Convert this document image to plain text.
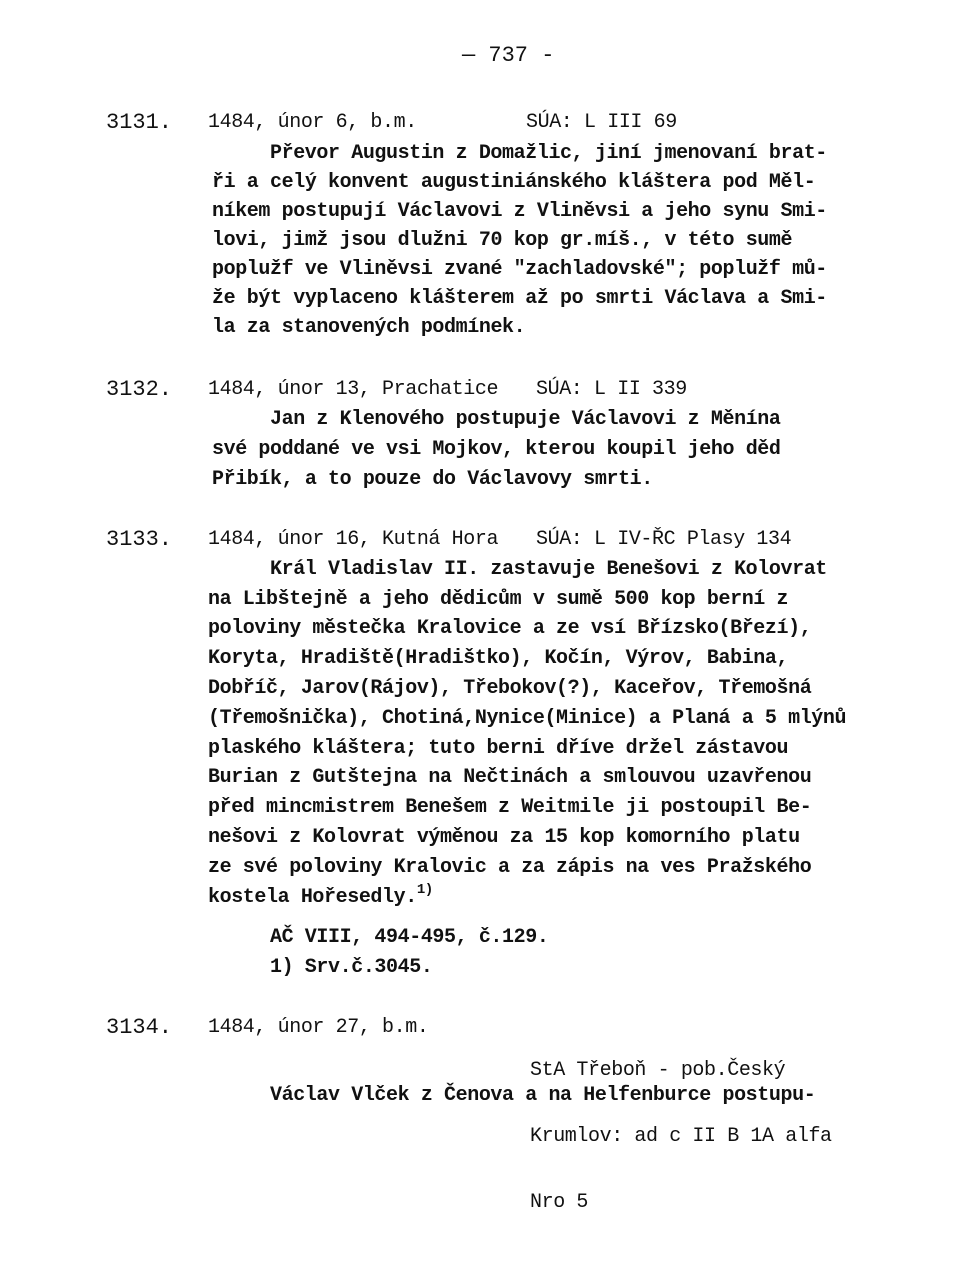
— 737 -
3131. 1484, únor 6, b.m.	SÚA: L III 69
Převor Augustin z Domažlic, jiní jmenovaní brat-
ři a celý konvent augustiniánského kláštera pod Měl-
níkem postupují Václavovi z Vliněvsi a jeho synu Smi-
lovi, jimž jsou dlužni 70 kop gr.míš., v této sumě
poplužf ve Vliněvsi zvané "zachladovské"; poplužf mů-
že být vyplaceno klášterem až po smrti Václava a Smi-
la za stanovených podmínek.
3132. 1484, únor 13, Prachatice SÚA: L II 339
Jan z Klenového postupuje Václavovi z Měnína
své poddané ve vsi Mojkov, kterou koupil jeho děd
Přibík, a to pouze do Václavovy smrti.
3133. 1484, únor 16, Kutná Hora SÚA: L IV-ŘC Plasy 134
Král Vladislav II. zastavuje Benešovi z Kolovrat
na Libštejně a jeho dědicům v sumě 500 kop berní z
poloviny městečka Kralovice a ze vsí Břízsko(Březí),
Koryta, Hradiště(Hradištko), Kočín, Výrov, Babina,
Dobříč, Jarov(Rájov), Třebokov(?), Kaceřov, Třemošná
(Třemošnička), Chotiná,Nynice(Minice) a Planá a 5 mlýnů
plaského kláštera; tuto berni dříve držel zástavou
Burian z Gutštejna na Nečtinách a smlouvou uzavřenou
před mincmistrem Benešem z Weitmile ji postoupil Be-
nešovi z Kolovrat výměnou za 15 kop komorního platu
ze své poloviny Kralovic a za zápis na ves Pražského
kostela Hořesedly.$^{1)}$
AČ VIII, 494-495, č.129.
1) Srv.č.3045.
3134. 1484, únor 27, b.m.

StA Třeboň - pob.Český

Krumlov: ad c II B 1A alfa

Nro 5

Václav Vlček z Čenova a na Helfenburce postupu-
